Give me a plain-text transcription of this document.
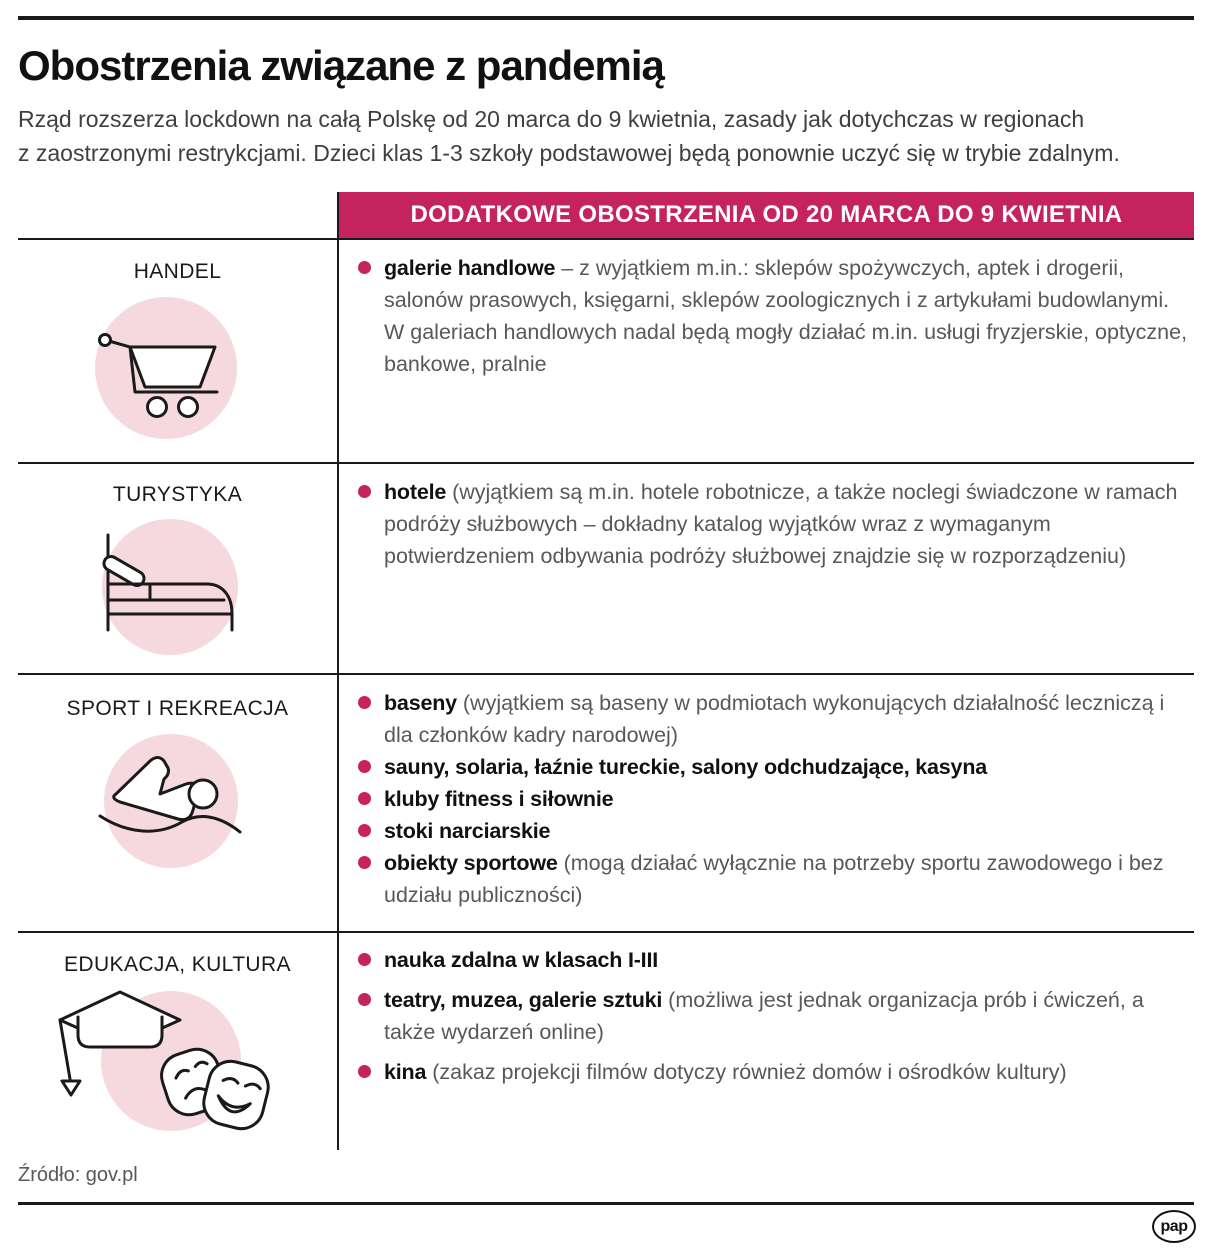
Obostrzenia związane z pandemią
Rząd rozszerza lockdown na całą Polskę od 20 marca do 9 kwietnia, zasady jak dotychczas w regionach
z zaostrzonymi restrykcjami. Dzieci klas 1-3 szkoły podstawowej będą ponownie uczyć się w trybie zdalnym.
DODATKOWE OBOSTRZENIA OD 20 MARCA DO 9 KWIETNIA
HANDEL
TURYSTYKA
SPORT I REKREACJA
EDUKACJA, KULTURA

galerie handlowe – z wyjątkiem m.in.: sklepów spożywczych, aptek i drogerii, salonów prasowych, księgarni, sklepów zoologicznych i z artykułami budowlanymi. W galeriach handlowych nadal będą mogły działać m.in. usługi fryzjerskie, optyczne, bankowe, pralnie

hotele (wyjątkiem są m.in. hotele robotnicze, a także noclegi świadczone w ramach podróży służbowych – dokładny katalog wyjątków wraz z wymaganym potwierdzeniem odbywania podróży służbowej znajdzie się w rozporządzeniu)

baseny (wyjątkiem są baseny w podmiotach wykonujących działalność leczniczą i dla członków kadry narodowej)

sauny, solaria, łaźnie tureckie, salony odchudzające, kasyna

kluby fitness i siłownie

stoki narciarskie

obiekty sportowe (mogą działać wyłącznie na potrzeby sportu zawodowego i bez udziału publiczności)

nauka zdalna w klasach I-III

teatry, muzea, galerie sztuki (możliwa jest jednak organizacja prób i ćwiczeń, a także wydarzeń online)

kina (zakaz projekcji filmów dotyczy również domów i ośrodków kultury)

Źródło: gov.pl
pap
